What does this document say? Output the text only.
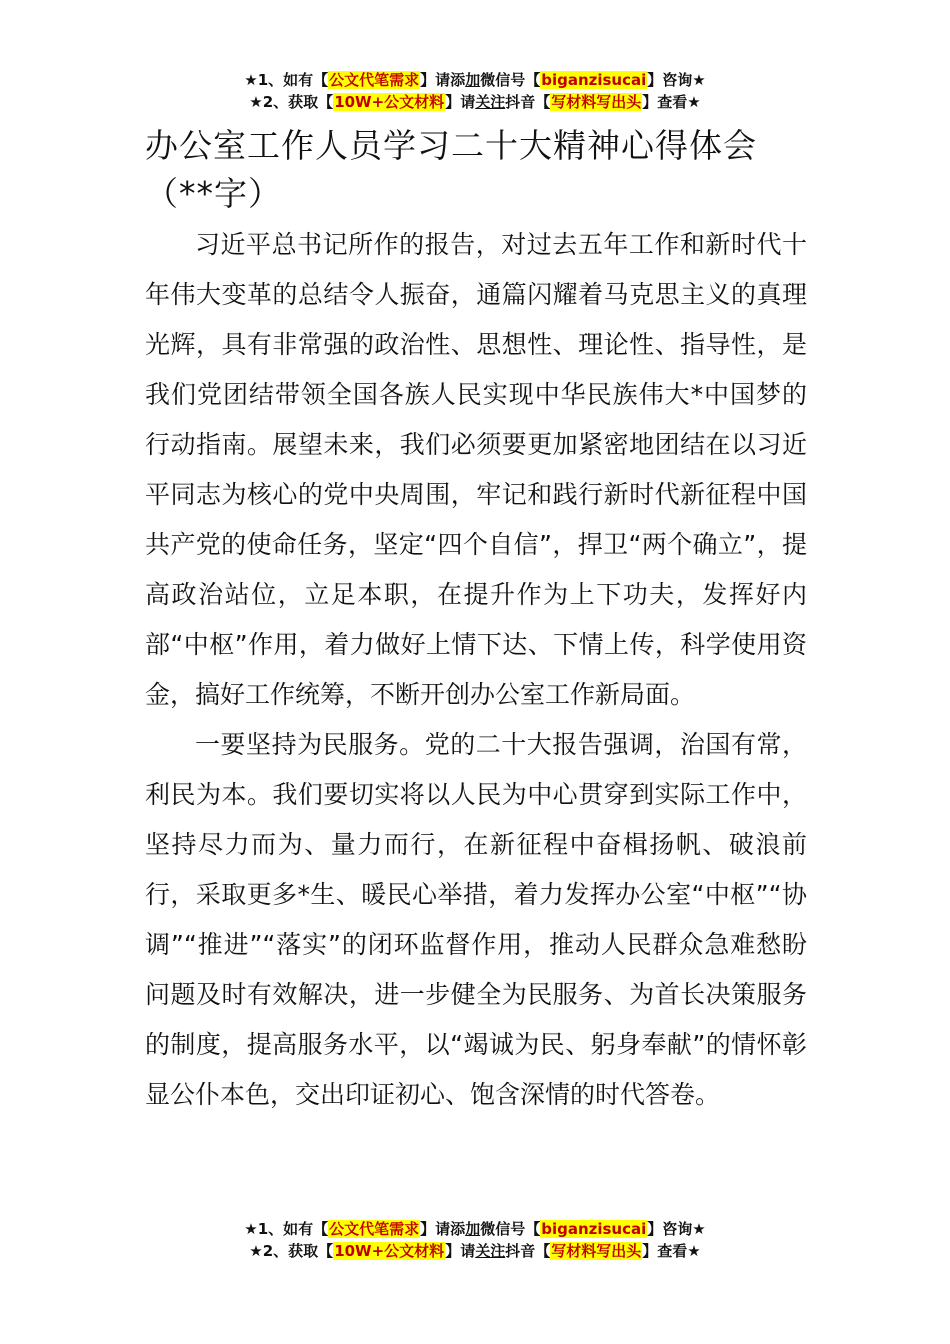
★1、如有【公文代笔需求】请添加微信号【biganzisucai】咨询★
★2、获取【10W+公文材料】请关注抖音【写材料写出头】查看★
办公室工作人员学习二十大精神心得体会（**字）

习近平总书记所作的报告，对过去五年工作和新时代十年伟大变革的总结令人振奋，通篇闪耀着马克思主义的真理光辉，具有非常强的政治性、思想性、理论性、指导性，是我们党团结带领全国各族人民实现中华民族伟大*中国梦的行动指南。展望未来，我们必须要更加紧密地团结在以习近平同志为核心的党中央周围，牢记和践行新时代新征程中国共产党的使命任务，坚定“四个自信”，捍卫“两个确立”，提高政治站位，立足本职，在提升作为上下功夫，发挥好内部“中枢”作用，着力做好上情下达、下情上传，科学使用资金，搞好工作统筹，不断开创办公室工作新局面。

一要坚持为民服务。党的二十大报告强调，治国有常，利民为本。我们要切实将以人民为中心贯穿到实际工作中，坚持尽力而为、量力而行，在新征程中奋楫扬帆、破浪前行，采取更多*生、暖民心举措，着力发挥办公室“中枢”“协调”“推进”“落实”的闭环监督作用，推动人民群众急难愁盼问题及时有效解决，进一步健全为民服务、为首长决策服务的制度，提高服务水平，以“竭诚为民、躬身奉献”的情怀彰显公仆本色，交出印证初心、饱含深情的时代答卷。

★1、如有【公文代笔需求】请添加微信号【biganzisucai】咨询★
★2、获取【10W+公文材料】请关注抖音【写材料写出头】查看★
